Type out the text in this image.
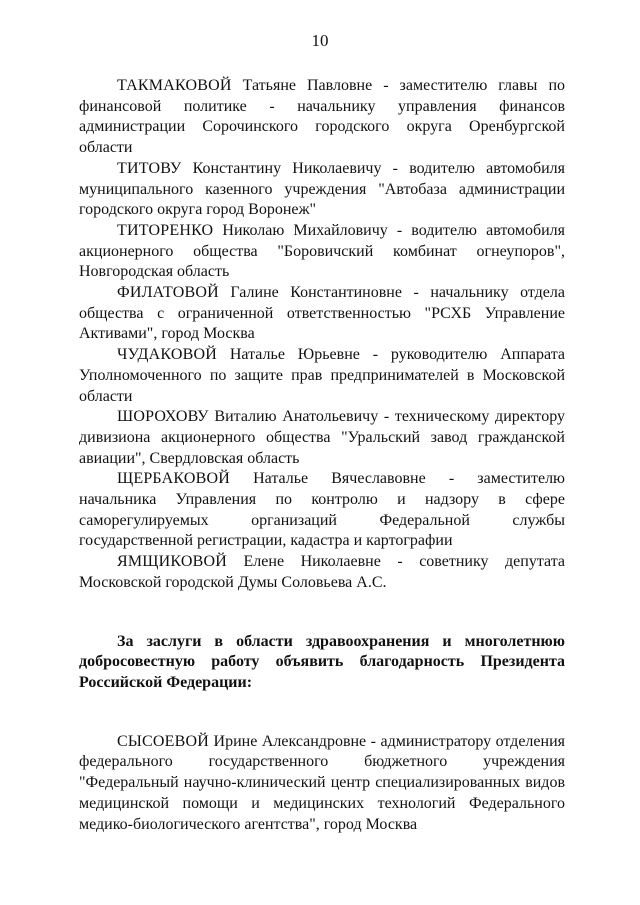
10

ТАКМАКОВОЙ Татьяне Павловне - заместителю главы по финансовой политике - начальнику управления финансов администрации Сорочинского городского округа Оренбургской области

ТИТОВУ Константину Николаевичу - водителю автомобиля муниципального казенного учреждения "Автобаза администрации городского округа город Воронеж"

ТИТОРЕНКО Николаю Михайловичу - водителю автомобиля акционерного общества "Боровичский комбинат огнеупоров", Новгородская область

ФИЛАТОВОЙ Галине Константиновне - начальнику отдела общества с ограниченной ответственностью "РСХБ Управление Активами", город Москва

ЧУДАКОВОЙ Наталье Юрьевне - руководителю Аппарата Уполномоченного по защите прав предпринимателей в Московской области

ШОРОХОВУ Виталию Анатольевичу - техническому директору дивизиона акционерного общества "Уральский завод гражданской авиации", Свердловская область

ЩЕРБАКОВОЙ Наталье Вячеславовне - заместителю начальника Управления по контролю и надзору в сфере саморегулируемых организаций Федеральной службы государственной регистрации, кадастра и картографии

ЯМЩИКОВОЙ Елене Николаевне - советнику депутата Московской городской Думы Соловьева А.С.

За заслуги в области здравоохранения и многолетнюю добросовестную работу объявить благодарность Президента Российской Федерации:

СЫСОЕВОЙ Ирине Александровне - администратору отделения федерального государственного бюджетного учреждения "Федеральный научно-клинический центр специализированных видов медицинской помощи и медицинских технологий Федерального медико-биологического агентства", город Москва
